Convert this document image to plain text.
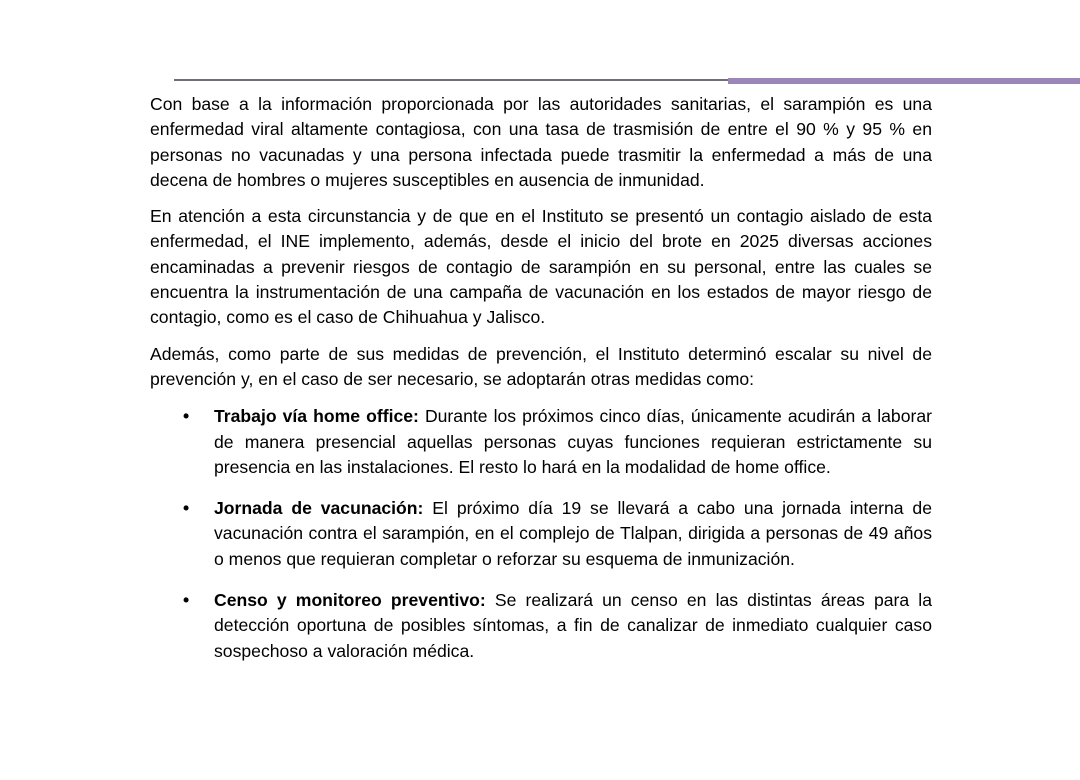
Con base a la información proporcionada por las autoridades sanitarias, el sarampión es una enfermedad viral altamente contagiosa, con una tasa de trasmisión de entre el 90 % y 95 % en personas no vacunadas y una persona infectada puede trasmitir la enfermedad a más de una decena de hombres o mujeres susceptibles en ausencia de inmunidad.

En atención a esta circunstancia y de que en el Instituto se presentó un contagio aislado de esta enfermedad, el INE implemento, además, desde el inicio del brote en 2025 diversas acciones encaminadas a prevenir riesgos de contagio de sarampión en su personal, entre las cuales se encuentra la instrumentación de una campaña de vacunación en los estados de mayor riesgo de contagio, como es el caso de Chihuahua y Jalisco.

Además, como parte de sus medidas de prevención, el Instituto determinó escalar su nivel de prevención y, en el caso de ser necesario, se adoptarán otras medidas como:

• Trabajo vía home office: Durante los próximos cinco días, únicamente acudirán a laborar de manera presencial aquellas personas cuyas funciones requieran estrictamente su presencia en las instalaciones. El resto lo hará en la modalidad de home office.
• Jornada de vacunación: El próximo día 19 se llevará a cabo una jornada interna de vacunación contra el sarampión, en el complejo de Tlalpan, dirigida a personas de 49 años o menos que requieran completar o reforzar su esquema de inmunización.
• Censo y monitoreo preventivo: Se realizará un censo en las distintas áreas para la detección oportuna de posibles síntomas, a fin de canalizar de inmediato cualquier caso sospechoso a valoración médica.
